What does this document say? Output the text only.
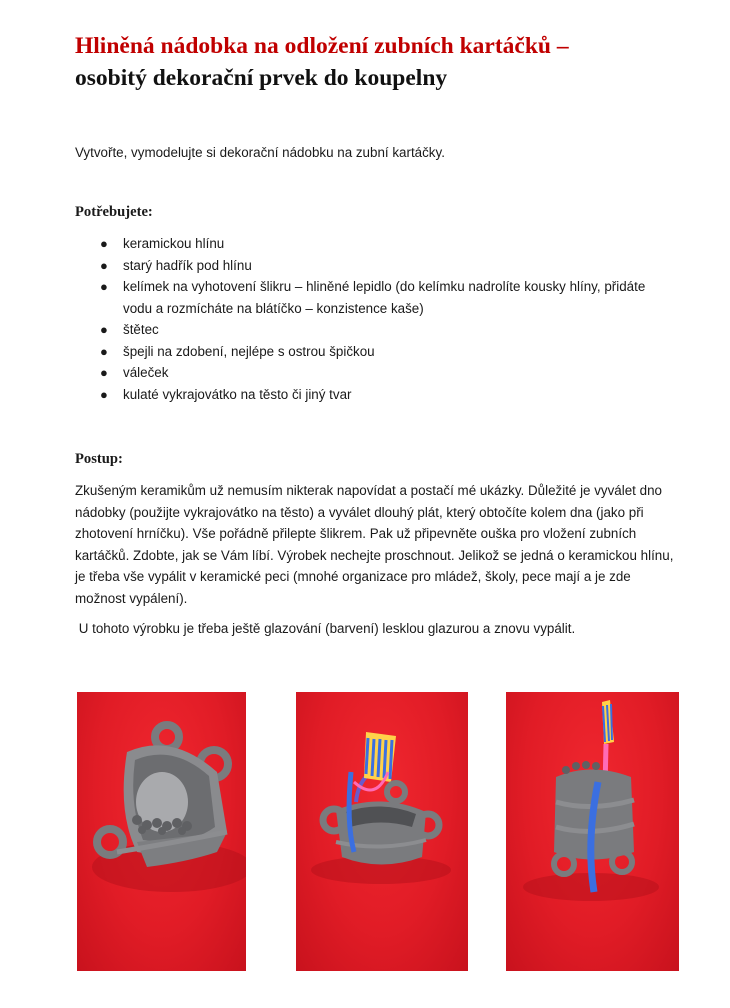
Hliněná nádobka na odložení zubních kartáčků –
osobitý dekorační prvek do koupelny

Vytvořte, vymodelujte si dekorační nádobku na zubní kartáčky.

Potřebujete:
● keramickou hlínu
● starý hadřík pod hlínu
● kelímek na vyhotovení šlikru – hliněné lepidlo (do kelímku nadrolíte kousky hlíny, přidáte vodu a rozmícháte na blátíčko – konzistence kaše)
● štětec
● špejli na zdobení, nejlépe s ostrou špičkou
● váleček
● kulaté vykrajovátko na těsto či jiný tvar
Postup:

Zkušeným keramikům už nemusím nikterak napovídat a postačí mé ukázky. Důležité je vyválet dno nádobky (použijte vykrajovátko na těsto) a vyválet dlouhý plát, který obtočíte kolem dna (jako při zhotovení hrníčku). Vše pořádně přilepte šlikrem. Pak už připevněte ouška pro vložení zubních kartáčků. Zdobte, jak se Vám líbí. Výrobek nechejte proschnout. Jelikož se jedná o keramickou hlínu, je třeba vše vypálit v keramické peci (mnohé organizace pro mládež, školy, pece mají a je zde možnost vypálení).

U tohoto výrobku je třeba ještě glazování (barvení) lesklou glazurou a znovu vypálit.
